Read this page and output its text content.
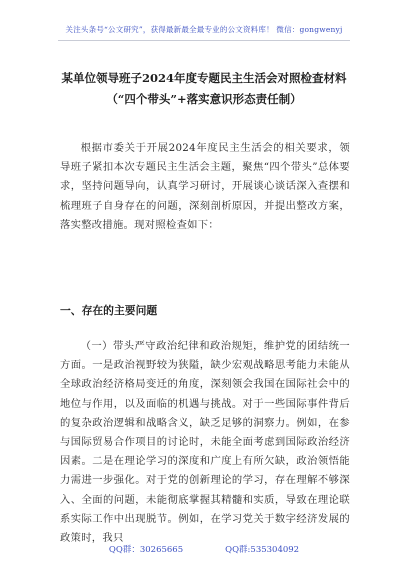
关注头条号“公文研究”，获得最新最全最专业的公文资料库！ 微信：gongwenyj
某单位领导班子2024年度专题民主生活会对照检查材料
（“四个带头”+落实意识形态责任制）
根据市委关于开展2024年度民主生活会的相关要求，领导班子紧扣本次专题民主生活会主题，聚焦“四个带头”总体要求，坚持问题导向，认真学习研讨，开展谈心谈话深入查摆和梳理班子自身存在的问题，深刻剖析原因，并提出整改方案，落实整改措施。现对照检查如下：
一、存在的主要问题
（一）带头严守政治纪律和政治规矩，维护党的团结统一方面。一是政治视野较为狭隘，缺少宏观战略思考能力未能从全球政治经济格局变迁的角度，深刻领会我国在国际社会中的地位与作用，以及面临的机遇与挑战。对于一些国际事件背后的复杂政治逻辑和战略含义，缺乏足够的洞察力。例如，在参与国际贸易合作项目的讨论时，未能全面考虑到国际政治经济因素。二是在理论学习的深度和广度上有所欠缺，政治领悟能力需进一步强化。对于党的创新理论的学习，存在理解不够深入、全面的问题，未能彻底掌握其精髓和实质，导致在理论联系实际工作中出现脱节。例如，在学习党关于数字经济发展的政策时，我只
QQ群：30265665	QQ群:535304092
